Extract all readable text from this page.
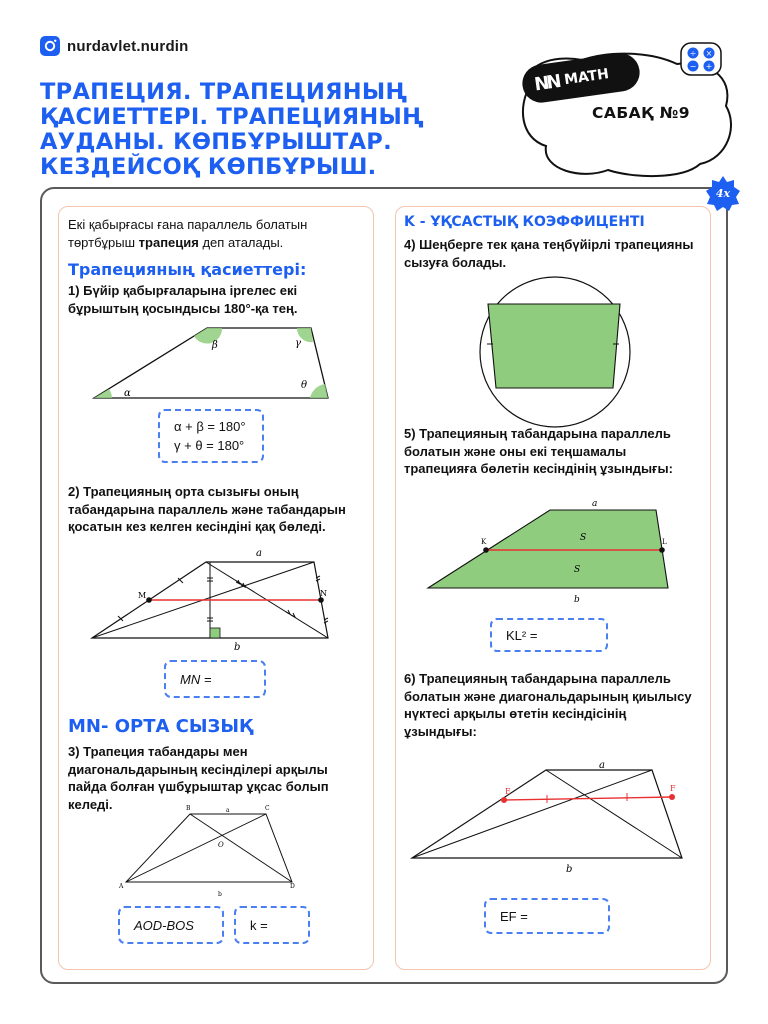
nurdavlet.nurdin
ТРАПЕЦИЯ. ТРАПЕЦИЯНЫҢ
ҚАСИЕТТЕРІ. ТРАПЕЦИЯНЫҢ
АУДАНЫ. КӨПБҰРЫШТАР.
КЕЗДЕЙСОҚ КӨПБҰРЫШ.
NN MATH
САБАҚ №9
÷ ×
− +
4x
Екі қабырғасы ғана параллель болатын төртбұрыш трапеция деп аталады.
Трапецияның қасиеттері:
1) Бүйір қабырғаларына іргелес екі бұрыштың қосындысы 180°-қа тең.
α
β	γ
θ
α + β = 180°
γ + θ = 180°
2) Трапецияның орта сызығы оның табандарына параллель және табандарын қосатын кез келген кесіндіні қақ бөледі.
a
b
M	N
MN =
MN- ОРТА СЫЗЫҚ
3) Трапеция табандары мен диагональдарының кесінділері арқылы пайда болған үшбұрыштар ұқсас болып келеді.	B	C
A	D
O
a
b
AOD-BOS	k =
K - ҰҚСАСТЫҚ КОЭФФИЦЕНТІ
4) Шеңберге тек қана теңбүйірлі трапецияны сызуға болады.
5) Трапецияның табандарына параллель болатын және оны екі теңшамалы трапецияға бөлетін кесіндінің ұзындығы:
a
b
K	L
S
S
KL² =
6) Трапецияның табандарына параллель болатын және диагональдарының қиылысу нүктесі арқылы өтетін кесіндісінің ұзындығы:
a
b
E	F
EF =
